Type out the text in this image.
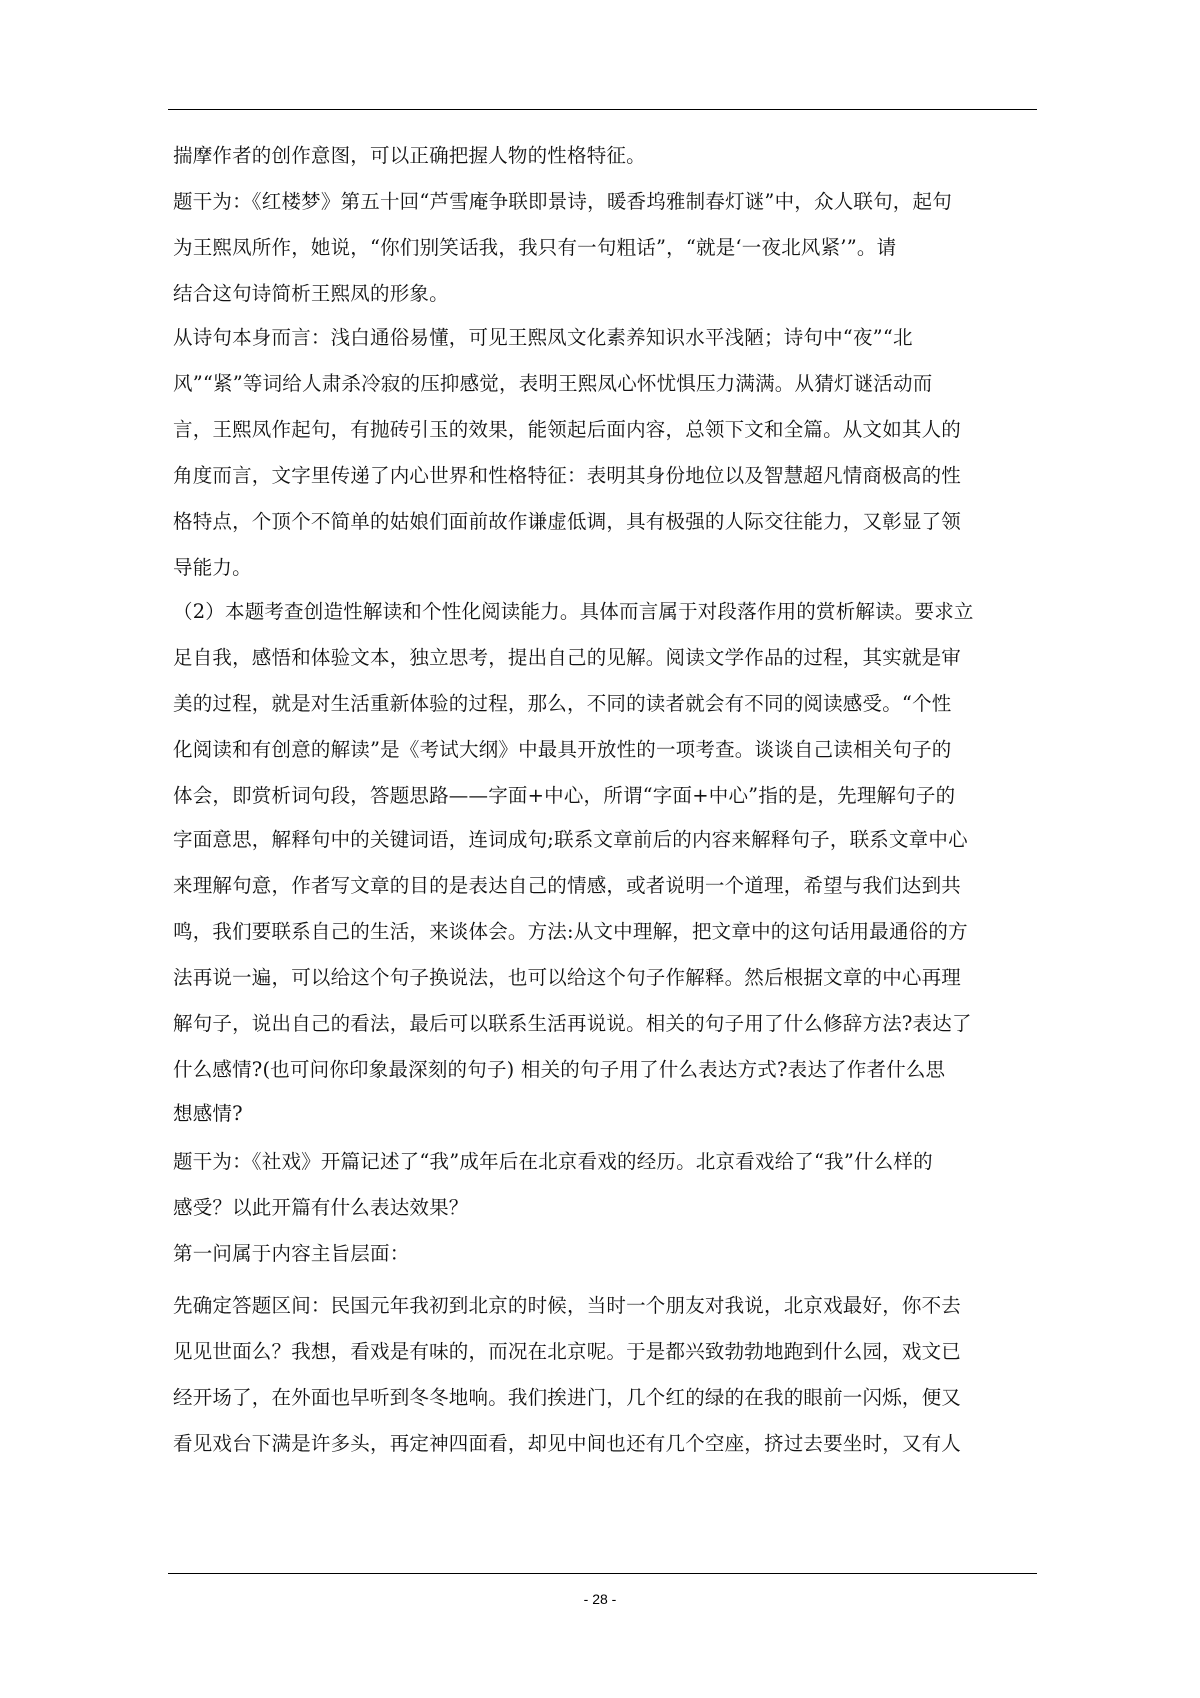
揣摩作者的创作意图，可以正确把握人物的性格特征。
题干为：《红楼梦》第五十回“芦雪庵争联即景诗，暖香坞雅制春灯谜”中，众人联句，起句
为王熙凤所作，她说，“你们别笑话我，我只有一句粗话”，“就是‘一夜北风紧’”。请
结合这句诗简析王熙凤的形象。
从诗句本身而言：浅白通俗易懂，可见王熙凤文化素养知识水平浅陋；诗句中“夜”“北
风”“紧”等词给人肃杀冷寂的压抑感觉，表明王熙凤心怀忧惧压力满满。从猜灯谜活动而
言，王熙凤作起句，有抛砖引玉的效果，能领起后面内容，总领下文和全篇。从文如其人的
角度而言，文字里传递了内心世界和性格特征：表明其身份地位以及智慧超凡情商极高的性
格特点，个顶个不简单的姑娘们面前故作谦虚低调，具有极强的人际交往能力，又彰显了领
导能力。
（2）本题考查创造性解读和个性化阅读能力。具体而言属于对段落作用的赏析解读。要求立
足自我，感悟和体验文本，独立思考，提出自己的见解。阅读文学作品的过程，其实就是审
美的过程，就是对生活重新体验的过程，那么，不同的读者就会有不同的阅读感受。“个性
化阅读和有创意的解读”是《考试大纲》中最具开放性的一项考查。谈谈自己读相关句子的
体会，即赏析词句段，答题思路——字面+中心，所谓“字面+中心”指的是，先理解句子的
字面意思，解释句中的关键词语，连词成句;联系文章前后的内容来解释句子，联系文章中心
来理解句意，作者写文章的目的是表达自己的情感，或者说明一个道理，希望与我们达到共
鸣，我们要联系自己的生活，来谈体会。方法:从文中理解，把文章中的这句话用最通俗的方
法再说一遍，可以给这个句子换说法，也可以给这个句子作解释。然后根据文章的中心再理
解句子，说出自己的看法，最后可以联系生活再说说。相关的句子用了什么修辞方法?表达了
什么感情?(也可问你印象最深刻的句子) 相关的句子用了什么表达方式?表达了作者什么思
想感情?
题干为：《社戏》开篇记述了“我”成年后在北京看戏的经历。北京看戏给了“我”什么样的
感受？以此开篇有什么表达效果？
第一问属于内容主旨层面：
先确定答题区间：民国元年我初到北京的时候，当时一个朋友对我说，北京戏最好，你不去
见见世面么？我想，看戏是有味的，而况在北京呢。于是都兴致勃勃地跑到什么园，戏文已
经开场了，在外面也早听到冬冬地响。我们挨进门，几个红的绿的在我的眼前一闪烁，便又
看见戏台下满是许多头，再定神四面看，却见中间也还有几个空座，挤过去要坐时，又有人
- 28 -
